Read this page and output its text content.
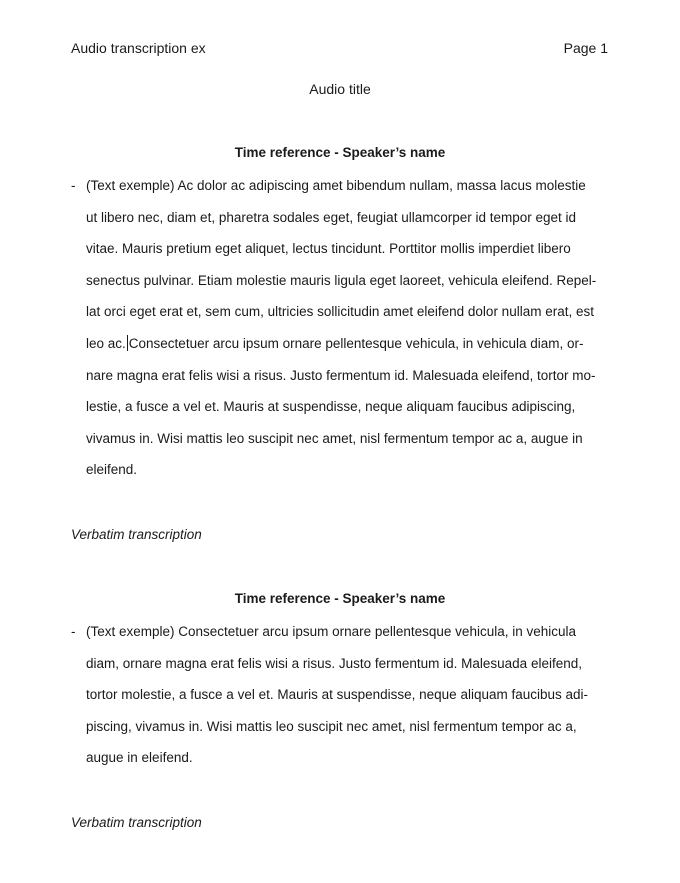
Audio transcription ex	Page 1
Audio title
Time reference - Speaker’s name
- (Text exemple) Ac dolor ac adipiscing amet bibendum nullam, massa lacus molestie
ut libero nec, diam et, pharetra sodales eget, feugiat ullamcorper id tempor eget id
vitae. Mauris pretium eget aliquet, lectus tincidunt. Porttitor mollis imperdiet libero
senectus pulvinar. Etiam molestie mauris ligula eget laoreet, vehicula eleifend. Repel-
lat orci eget erat et, sem cum, ultricies sollicitudin amet eleifend dolor nullam erat, est
leo ac. Consectetuer arcu ipsum ornare pellentesque vehicula, in vehicula diam, or-
nare magna erat felis wisi a risus. Justo fermentum id. Malesuada eleifend, tortor mo-
lestie, a fusce a vel et. Mauris at suspendisse, neque aliquam faucibus adipiscing,
vivamus in. Wisi mattis leo suscipit nec amet, nisl fermentum tempor ac a, augue in
eleifend.
Verbatim transcription
Time reference - Speaker’s name
- (Text exemple) Consectetuer arcu ipsum ornare pellentesque vehicula, in vehicula
diam, ornare magna erat felis wisi a risus. Justo fermentum id. Malesuada eleifend,
tortor molestie, a fusce a vel et. Mauris at suspendisse, neque aliquam faucibus adi-
piscing, vivamus in. Wisi mattis leo suscipit nec amet, nisl fermentum tempor ac a,
augue in eleifend.
Verbatim transcription
